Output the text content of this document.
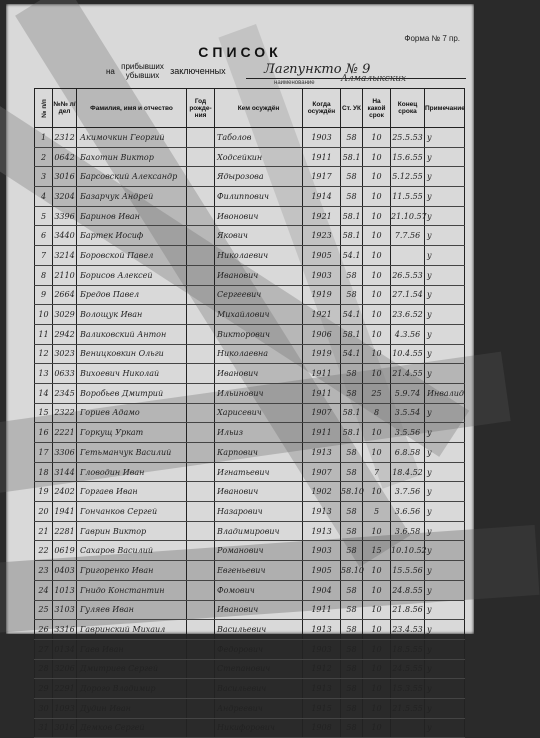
Форма № 7 пр.
СПИСОК
на прибывших
убывших	заключенных	Лагпункто № 9
наименование	Алмалыкских
№ п/п	№№ л/дел	Фамилия, имя и отчество	Год рожде-ния	Кем осуждён	Когда осуждён	Ст. УК	На какой срок	Конец срока	Примечание
1	2312	Акимочкин Георгий		Таболов	1903	58	10	25.5.53	у
2	0642	Бахотин Виктор		Ходсейкин	1911	58.1	10	15.6.55	у
3	3016	Барсовский Александр		Ядырозова	1917	58	10	5.12.55	у
4	3204	Базарчук Андрей		Филиппович	1914	58	10	11.5.55	у
5	3396	Баринов Иван		Ивонович	1921	58.1	10	21.10.57	у
6	3440	Бартек Иосиф		Якович	1923	58.1	10	7.7.56	у
7	3214	Боровской Павел		Николаевич	1905	54.1	10		у
8	2110	Борисов Алексей		Иванович	1903	58	10	26.5.53	у
9	2664	Бредов Павел		Сергеевич	1919	58	10	27.1.54	у
10	3029	Волощук Иван		Михайлович	1921	54.1	10	23.6.52	у
11	2942	Валиковский Антон		Викторович	1906	58.1	10	4.3.56	у
12	3023	Веницковкин Ольги		Николаевна	1919	54.1	10	10.4.55	у
13	0633	Вихоевич Николай		Иванович	1911	58	10	21.4.55	у
14	2345	Воробьев Дмитрий		Ильинович	1911	58	25	5.9.74	Инвалид
15	2322	Гориев Адамо		Харисевич	1907	58.1	8	3.5.54	у
16	2221	Горкущ Уркат		Ильиз	1911	58.1	10	3.5.56	у
17	3306	Гетьманчук Василий		Карпович	1913	58	10	6.8.58	у
18	3144	Гловодин Иван		Игнатьевич	1907	58	7	18.4.52	у
19	2402	Горгаев Иван		Иванович	1902	58.10	10	3.7.56	у
20	1941	Гончанков Сергей		Назарович	1913	58	5	3.6.56	у
21	2281	Гаврин Виктор		Владимирович	1913	58	10	3.6.58	у
22	0619	Сахаров Василий		Романович	1903	58	15	10.10.52	у
23	0403	Григоренко Иван		Евгеньевич	1905	58.10	10	15.5.56	у
24	1013	Гнидо Константин		Фомович	1904	58	10	24.8.55	у
25	3103	Гуляев Иван		Иванович	1911	58	10	21.8.56	у
26	3316	Гавринский Михаил		Васильевич	1913	58	10	23.4.53	у
27	0134	Гаев Иван		Федорович	1903	58	10	18.5.55	у
28	3206	Дмитриев Сергей		Степанович	1912	58	10	24.5.55	у
29	2291	Дорого Владимир		Васильевич	1913	58	10	15.3.55	у
30	1093	Дудин Иван		Андреевич	1915	58	10	21.5.55	у
31	3016	Демков Сергей		Никифорович	1908	58	10		у
